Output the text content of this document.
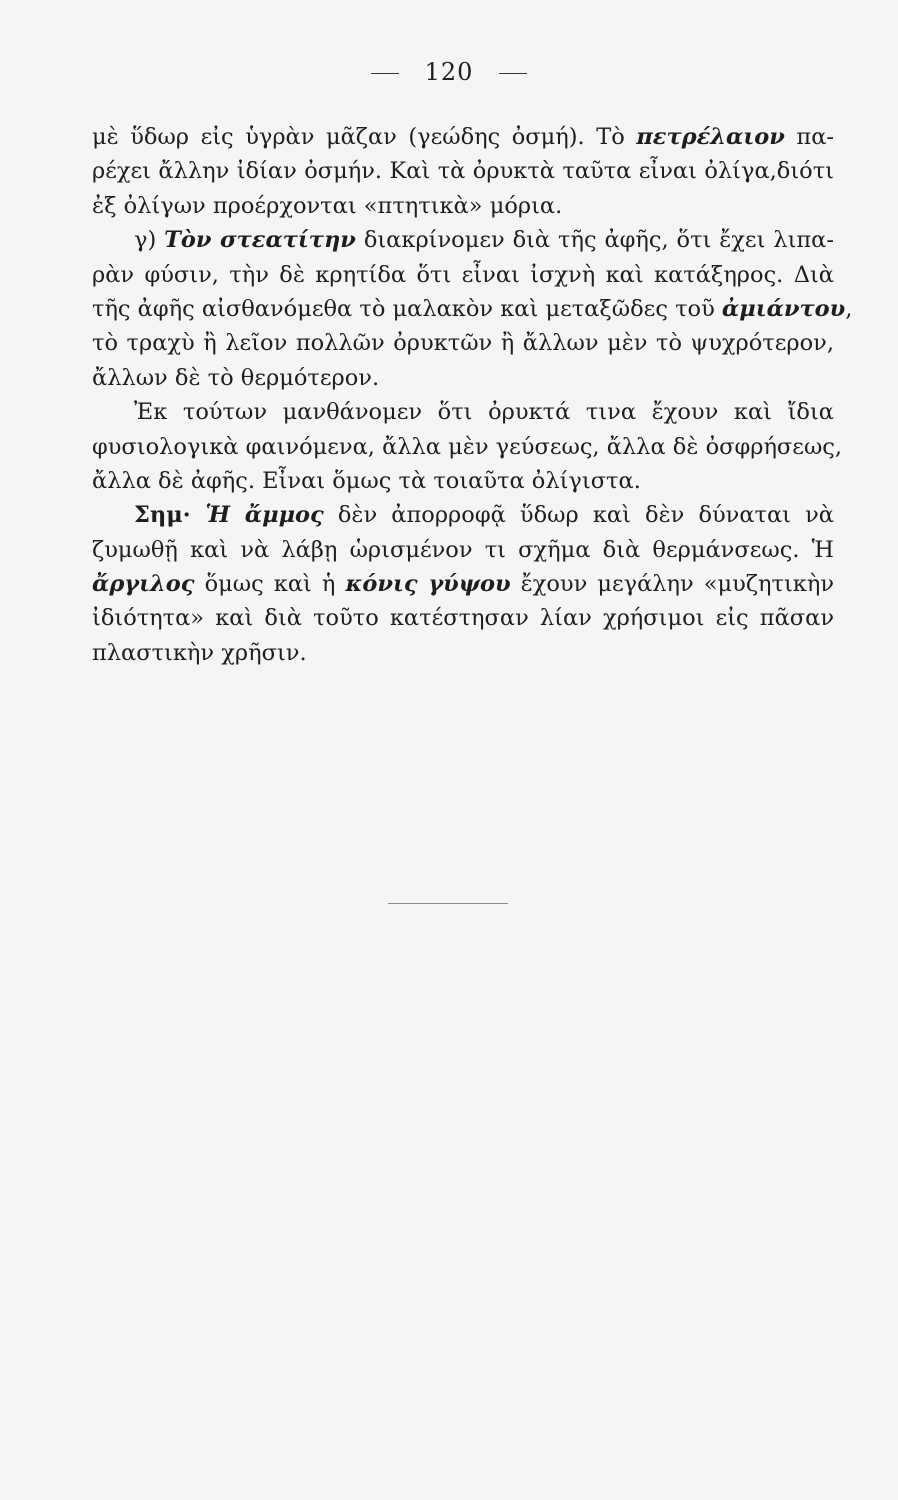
120
μὲ ὕδωρ εἰς ὑγρὰν μᾶζαν (γεώδης ὀσμή). Τὸ πετρέλαιον πα-
ρέχει ἄλλην ἰδίαν ὀσμήν. Καὶ τὰ ὀρυκτὰ ταῦτα εἶναι ὀλίγα,διότι
ἐξ ὀλίγων προέρχονται «πτητικὰ» μόρια.
γ) Τὸν στεατίτην διακρίνομεν διὰ τῆς ἀφῆς, ὅτι ἔχει λιπα-
ρὰν φύσιν, τὴν δὲ κρητίδα ὅτι εἶναι ἰσχνὴ καὶ κατάξηρος. Διὰ
τῆς ἀφῆς αἰσθανόμεθα τὸ μαλακὸν καὶ μεταξῶδες τοῦ ἀμιάντου,
τὸ τραχὺ ἢ λεῖον πολλῶν ὀρυκτῶν ἢ ἄλλων μὲν τὸ ψυχρότερον,
ἄλλων δὲ τὸ θερμότερον.
Ἐκ τούτων μανθάνομεν ὅτι ὀρυκτά τινα ἔχουν καὶ ἴδια
φυσιολογικὰ φαινόμενα, ἄλλα μὲν γεύσεως, ἄλλα δὲ ὀσφρήσεως,
ἄλλα δὲ ἀφῆς. Εἶναι ὅμως τὰ τοιαῦτα ὀλίγιστα.
Σημ· Ἡ ἄμμος δὲν ἀπορροφᾷ ὕδωρ καὶ δὲν δύναται νὰ
ζυμωθῇ καὶ νὰ λάβῃ ὡρισμένον τι σχῆμα διὰ θερμάνσεως. Ἡ
ἄργιλος ὅμως καὶ ἡ κόνις γύψου ἔχουν μεγάλην «μυζητικὴν
ἰδιότητα» καὶ διὰ τοῦτο κατέστησαν λίαν χρήσιμοι εἰς πᾶσαν
πλαστικὴν χρῆσιν.
